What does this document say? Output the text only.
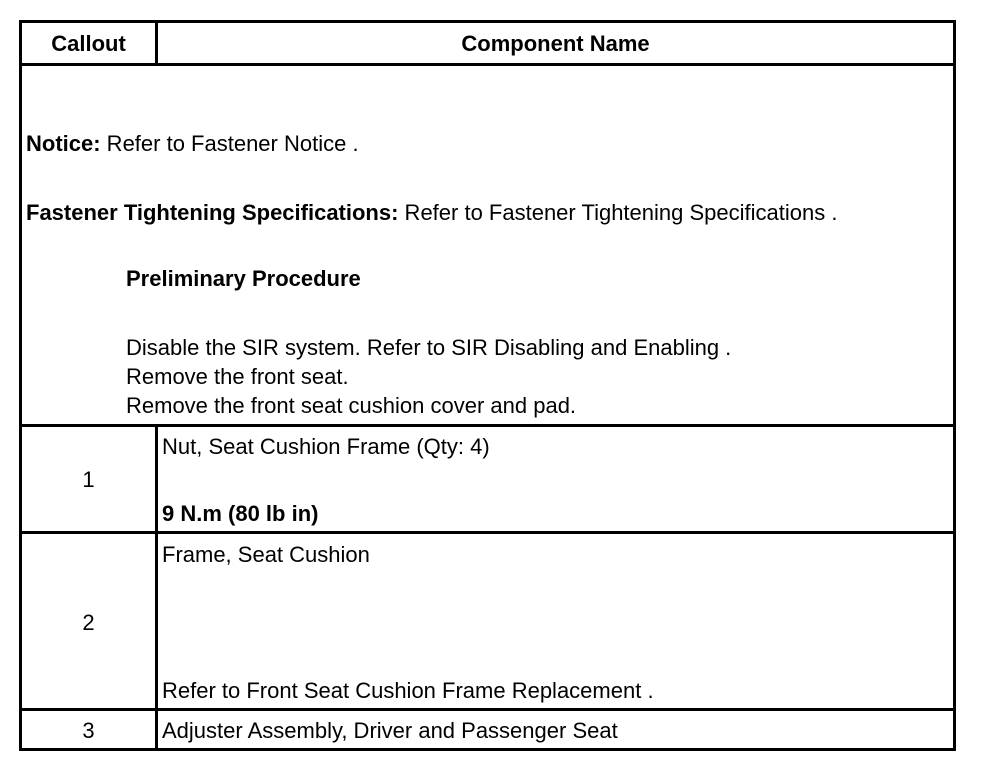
Callout	Component Name
Notice: Refer to Fastener Notice .
Fastener Tightening Specifications: Refer to Fastener Tightening Specifications .
Preliminary Procedure
Disable the SIR system. Refer to SIR Disabling and Enabling .
Remove the front seat.
Remove the front seat cushion cover and pad.
1
Nut, Seat Cushion Frame (Qty: 4)
9 N.m (80 lb in)
2
Frame, Seat Cushion
Refer to Front Seat Cushion Frame Replacement .
3	Adjuster Assembly, Driver and Passenger Seat
